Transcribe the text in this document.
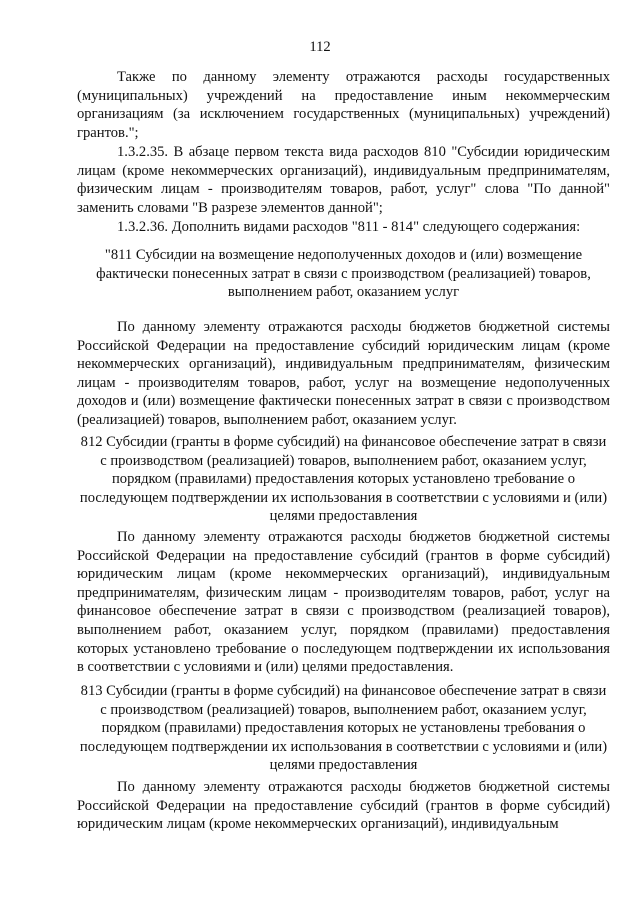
112

Также по данному элементу отражаются расходы государственных (муниципальных) учреждений на предоставление иным некоммерческим организациям (за исключением государственных (муниципальных) учреждений) грантов.";

1.3.2.35. В абзаце первом текста вида расходов 810 "Субсидии юридическим лицам (кроме некоммерческих организаций), индивидуальным предпринимателям, физическим лицам - производителям товаров, работ, услуг" слова "По данной" заменить словами "В разрезе элементов данной";

1.3.2.36. Дополнить видами расходов "811 - 814" следующего содержания:

"811 Субсидии на возмещение недополученных доходов и (или) возмещение фактически понесенных затрат в связи с производством (реализацией) товаров, выполнением работ, оказанием услуг

По данному элементу отражаются расходы бюджетов бюджетной системы Российской Федерации на предоставление субсидий юридическим лицам (кроме некоммерческих организаций), индивидуальным предпринимателям, физическим лицам - производителям товаров, работ, услуг на возмещение недополученных доходов и (или) возмещение фактически понесенных затрат в связи с производством (реализацией) товаров, выполнением работ, оказанием услуг.

812 Субсидии (гранты в форме субсидий) на финансовое обеспечение затрат в связи с производством (реализацией) товаров, выполнением работ, оказанием услуг, порядком (правилами) предоставления которых установлено требование о последующем подтверждении их использования в соответствии с условиями и (или) целями предоставления

По данному элементу отражаются расходы бюджетов бюджетной системы Российской Федерации на предоставление субсидий (грантов в форме субсидий) юридическим лицам (кроме некоммерческих организаций), индивидуальным предпринимателям, физическим лицам - производителям товаров, работ, услуг на финансовое обеспечение затрат в связи с производством (реализацией товаров), выполнением работ, оказанием услуг, порядком (правилами) предоставления которых установлено требование о последующем подтверждении их использования в соответствии с условиями и (или) целями предоставления.

813 Субсидии (гранты в форме субсидий) на финансовое обеспечение затрат в связи с производством (реализацией) товаров, выполнением работ, оказанием услуг, порядком (правилами) предоставления которых не установлены требования о последующем подтверждении их использования в соответствии с условиями и (или) целями предоставления

По данному элементу отражаются расходы бюджетов бюджетной системы Российской Федерации на предоставление субсидий (грантов в форме субсидий) юридическим лицам (кроме некоммерческих организаций), индивидуальным
